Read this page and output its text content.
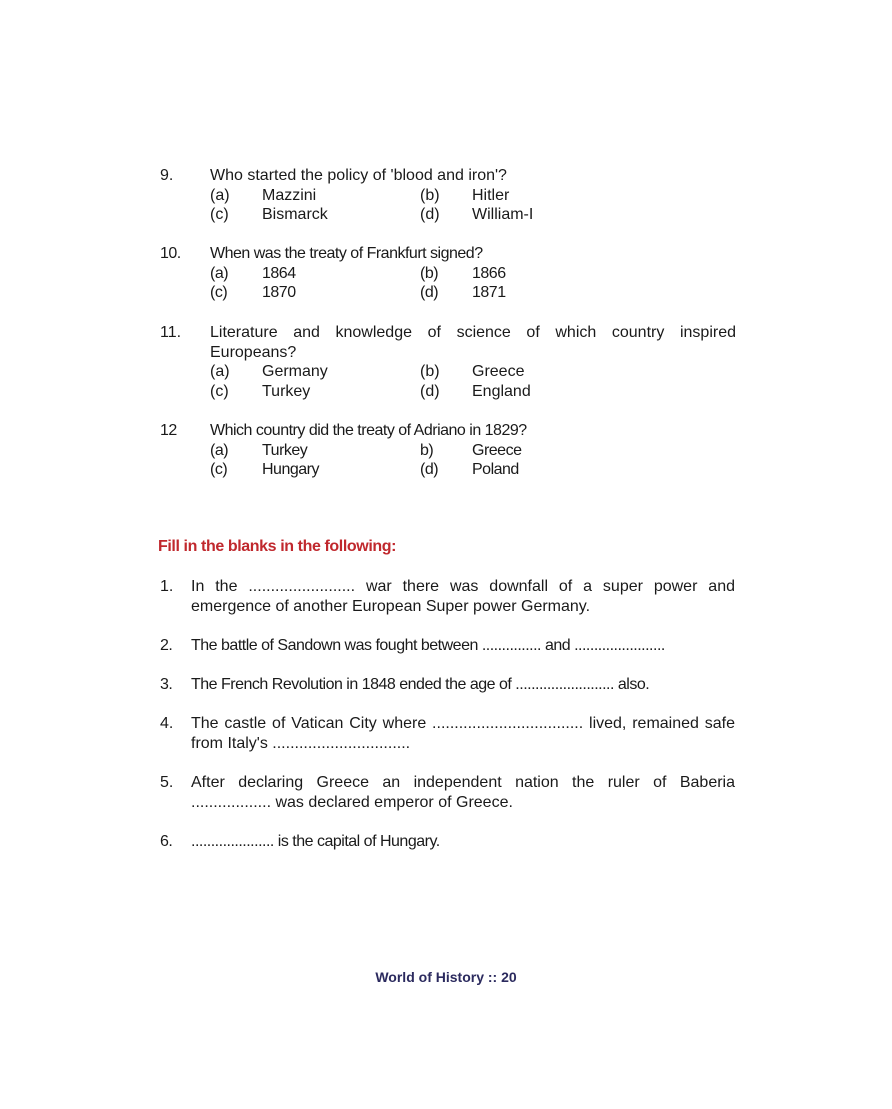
9. Who started the policy of 'blood and iron'?
(a) Mazzini	(b) Hitler
(c) Bismarck	(d) William-I
10. When was the treaty of Frankfurt signed?
(a) 1864	(b) 1866
(c) 1870	(d) 1871
11. Literature and knowledge of science of which country inspired Europeans?
(a) Germany	(b) Greece
(c) Turkey	(d) England
12 Which country did the treaty of Adriano in 1829?
(a) Turkey	b) Greece
(c) Hungary	(d) Poland
Fill in the blanks in the following:
1. In the ........................ war there was downfall of a super power and emergence of another European Super power Germany.
2. The battle of Sandown was fought between ............... and .......................
3. The French Revolution in 1848 ended the age of ......................... also.
4. The castle of Vatican City where .................................. lived, remained safe from Italy's ...............................
5. After declaring Greece an independent nation the ruler of Baberia .................. was declared emperor of Greece.
6. ..................... is the capital of Hungary.
World of History :: 20
